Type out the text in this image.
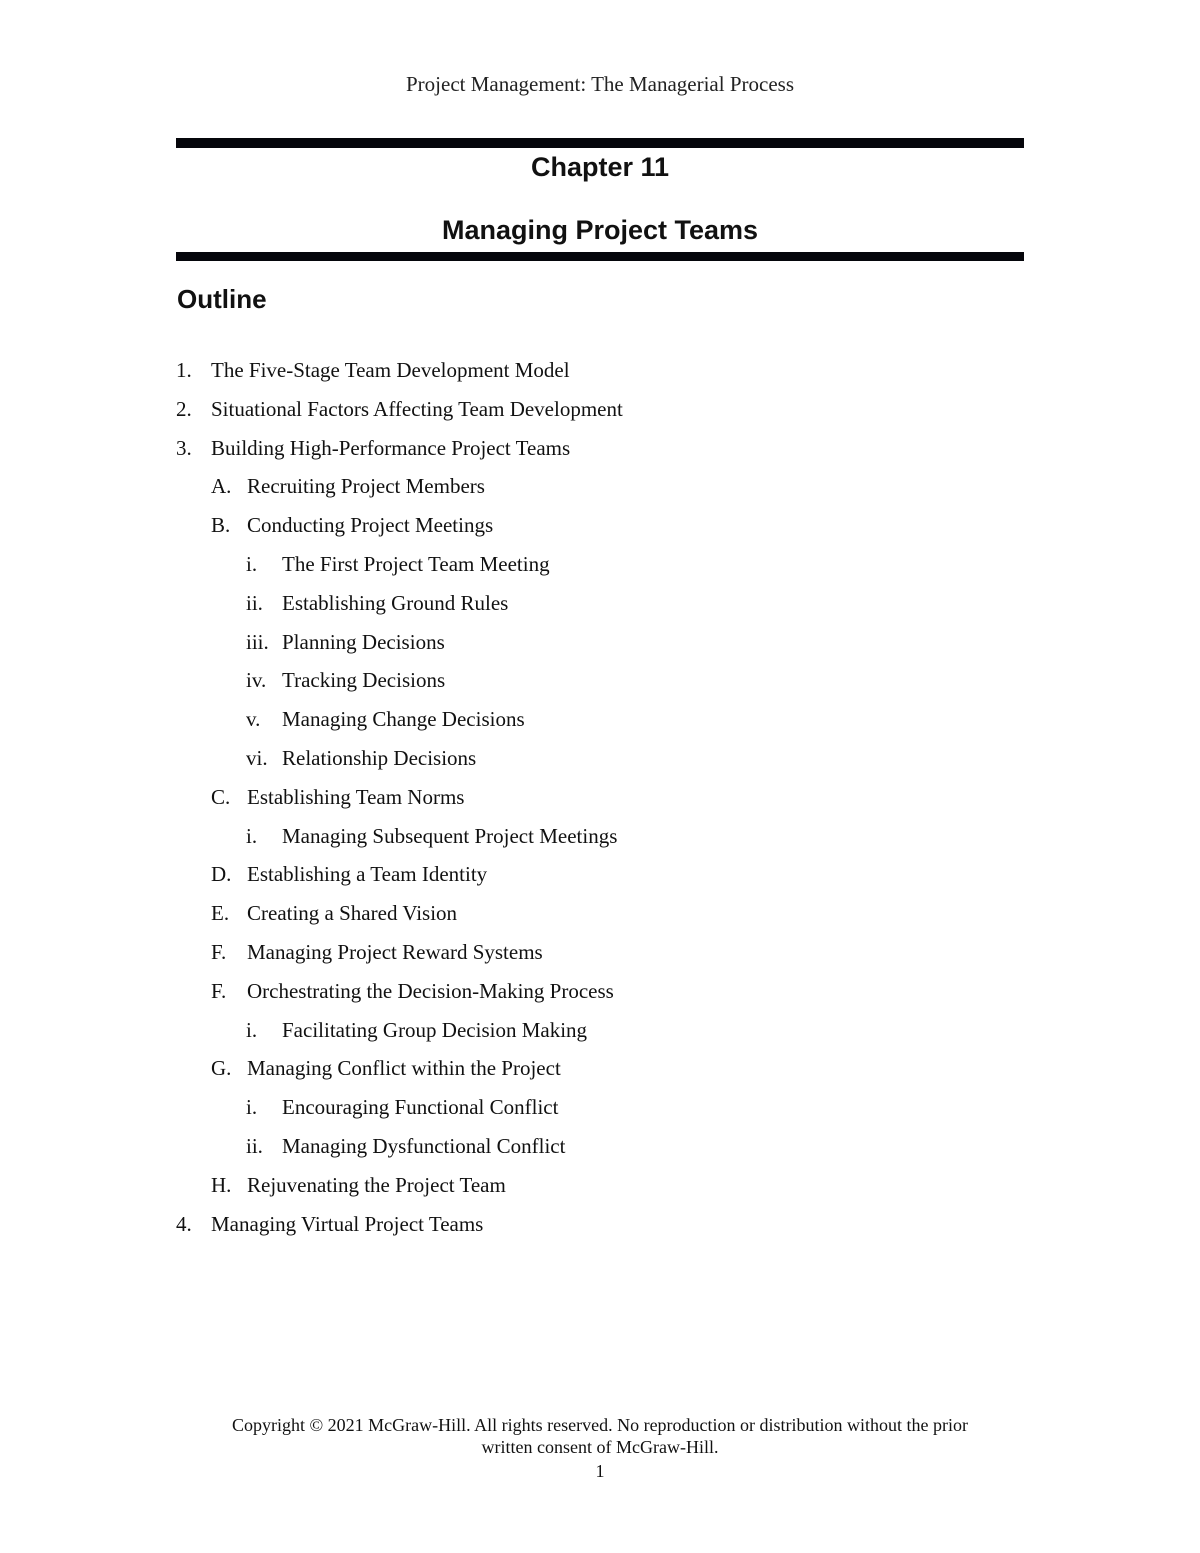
Project Management: The Managerial Process
Chapter 11
Managing Project Teams
Outline
1. The Five-Stage Team Development Model
2. Situational Factors Affecting Team Development
3. Building High-Performance Project Teams
A. Recruiting Project Members
B. Conducting Project Meetings
i. The First Project Team Meeting
ii. Establishing Ground Rules
iii. Planning Decisions
iv. Tracking Decisions
v. Managing Change Decisions
vi. Relationship Decisions
C. Establishing Team Norms
i. Managing Subsequent Project Meetings
D. Establishing a Team Identity
E. Creating a Shared Vision
F. Managing Project Reward Systems
F. Orchestrating the Decision-Making Process
i. Facilitating Group Decision Making
G. Managing Conflict within the Project
i. Encouraging Functional Conflict
ii. Managing Dysfunctional Conflict
H. Rejuvenating the Project Team
4. Managing Virtual Project Teams
Copyright © 2021 McGraw-Hill. All rights reserved. No reproduction or distribution without the prior
written consent of McGraw-Hill.
1
